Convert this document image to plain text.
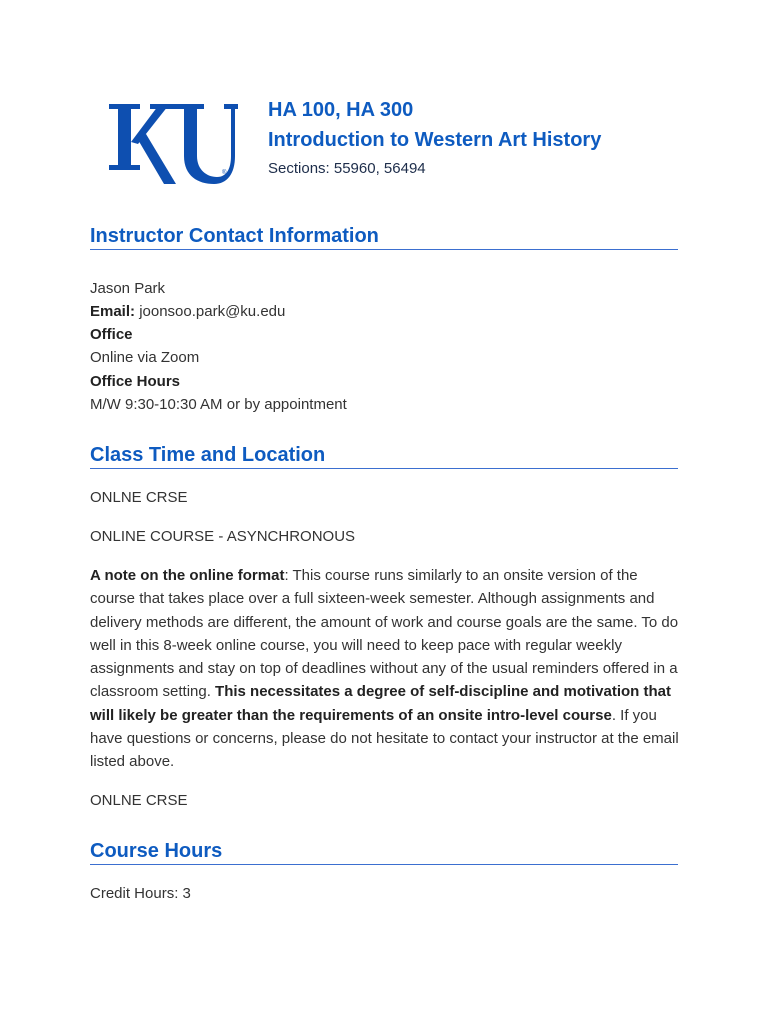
®
HA 100, HA 300
Introduction to Western Art History
Sections: 55960, 56494
Instructor Contact Information
Jason Park
Email: joonsoo.park@ku.edu
Office
Online via Zoom
Office Hours
M/W 9:30-10:30 AM or by appointment
Class Time and Location
ONLNE CRSE
ONLINE COURSE - ASYNCHRONOUS
A note on the online format: This course runs similarly to an onsite version of the course that takes place over a full sixteen-week semester. Although assignments and delivery methods are different, the amount of work and course goals are the same. To do well in this 8-week online course, you will need to keep pace with regular weekly assignments and stay on top of deadlines without any of the usual reminders offered in a classroom setting. This necessitates a degree of self-discipline and motivation that will likely be greater than the requirements of an onsite intro-level course. If you have questions or concerns, please do not hesitate to contact your instructor at the email listed above.
ONLNE CRSE
Course Hours
Credit Hours: 3
